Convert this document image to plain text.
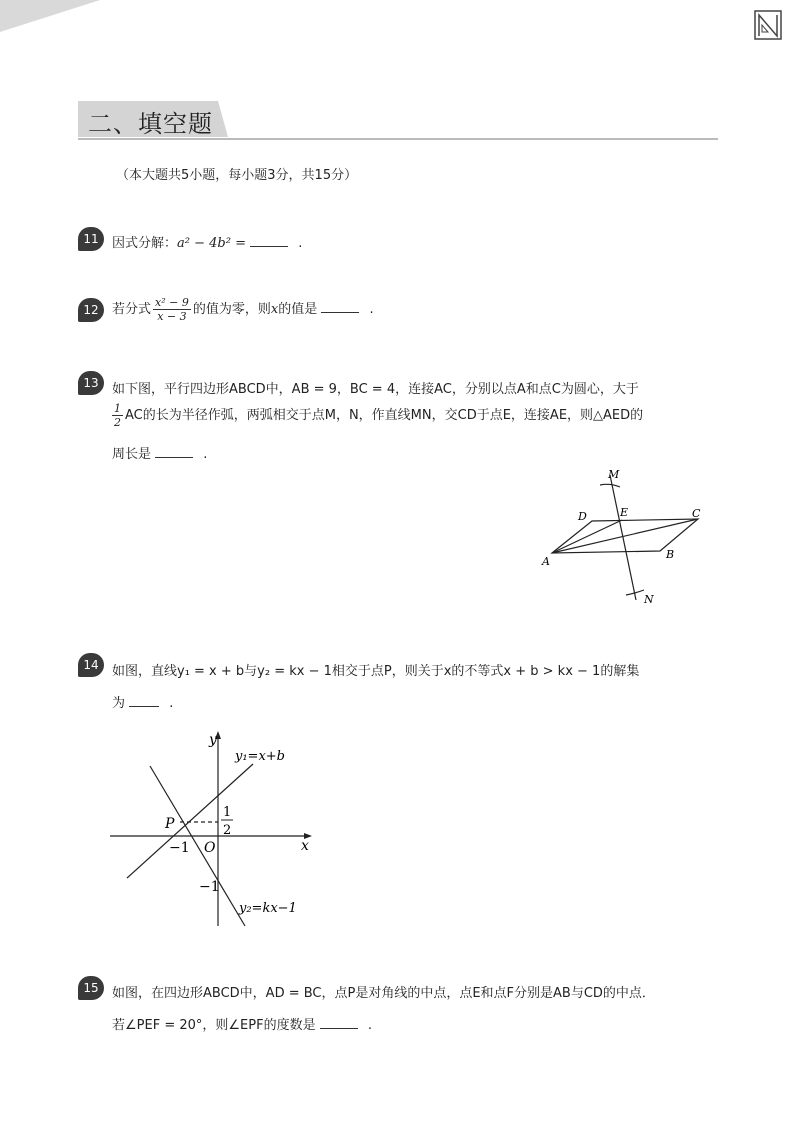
二、填空题
（本大题共5小题，每小题3分，共15分）
11	因式分解：a² − 4b² =	.
12	若分式 $\frac{\text{x² − 9}}{x - 3}$ 的值为零，则x的值是	.
13	如下图，平行四边形ABCD中，AB = 9，BC = 4，连接AC，分别以点A和点C为圆心，大于
$\frac{1}{2}$ AC的长为半径作弧，两弧相交于点M，N，作直线MN，交CD于点E，连接AE，则△AED的
周长是	.
A
B
C
D	E
M
N
14	如图，直线y₁ = x + b与y₂ = kx − 1相交于点P，则关于x的不等式x + b > kx − 1的解集
为	.
y
x
O
P
−1
−1
1
2
y₁=x+b
y₂=kx−1
15	如图，在四边形ABCD中，AD = BC，点P是对角线的中点，点E和点F分别是AB与CD的中点．
若∠PEF = 20°，则∠EPF的度数是	.
